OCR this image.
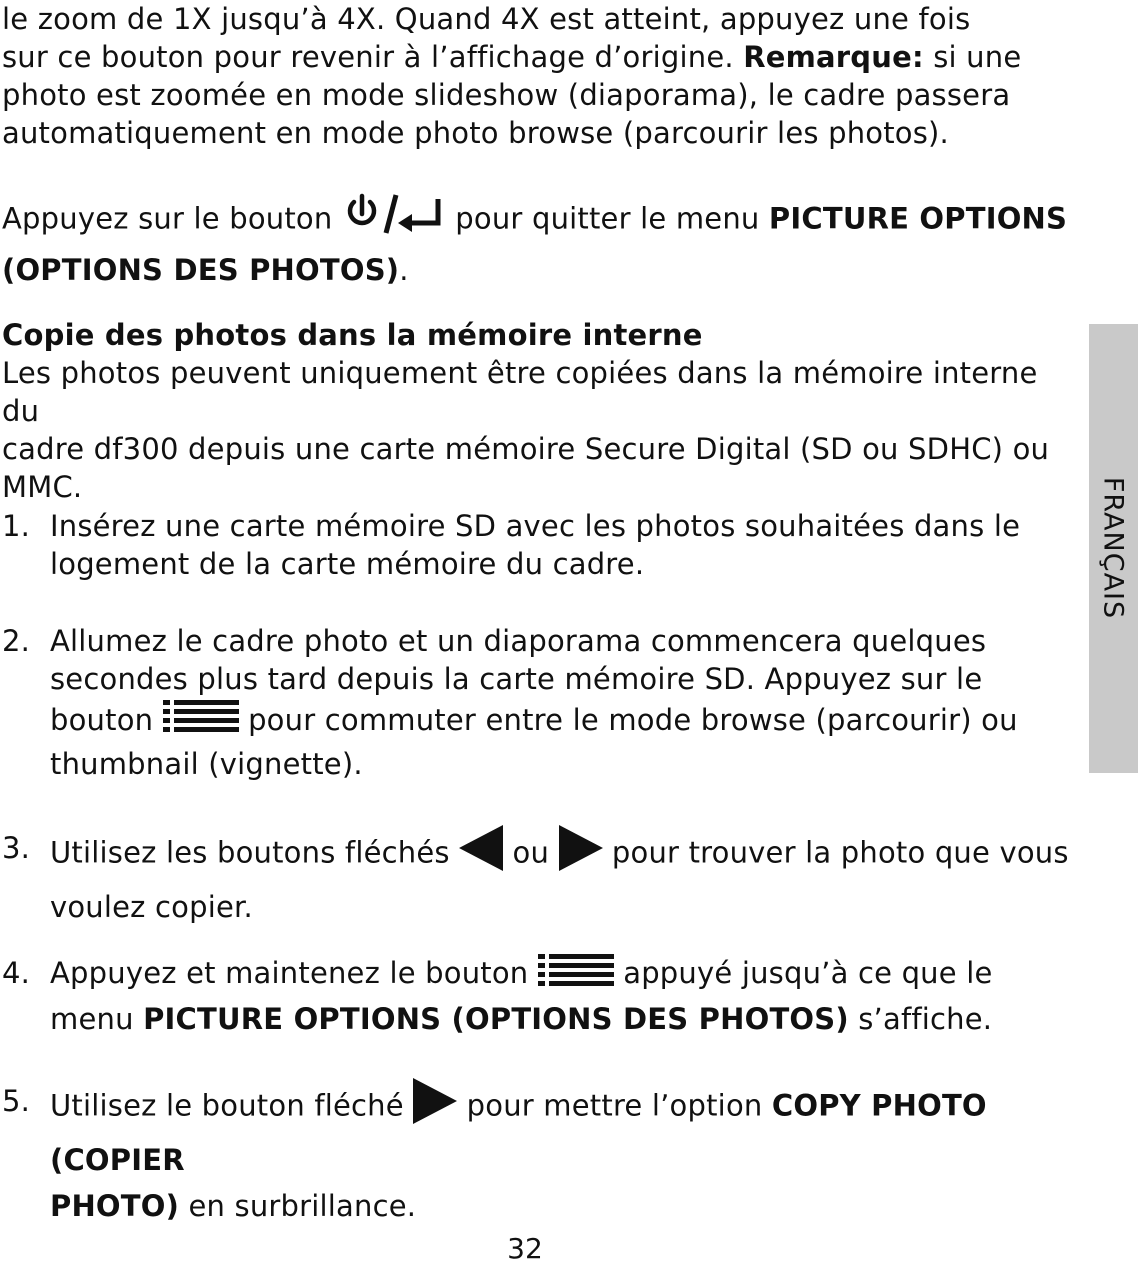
le zoom de 1X jusqu’à 4X. Quand 4X est atteint, appuyez une fois

sur ce bouton pour revenir à l’affichage d’origine. Remarque: si une

photo est zoomée en mode slideshow (diaporama), le cadre passera

automatiquement en mode photo browse (parcourir les photos).

Appuyez sur le bouton	pour quitter le menu PICTURE OPTIONS

(OPTIONS DES PHOTOS).

Copie des photos dans la mémoire interne

Les photos peuvent uniquement être copiées dans la mémoire interne du

cadre df300 depuis une carte mémoire Secure Digital (SD ou SDHC) ou

MMC.

1. Insérez une carte mémoire SD avec les photos souhaitées dans le

logement de la carte mémoire du cadre.

2. Allumez le cadre photo et un diaporama commencera quelques

secondes plus tard depuis la carte mémoire SD. Appuyez sur le

bouton	pour commuter entre le mode browse (parcourir) ou

thumbnail (vignette).

3. Utilisez les boutons fléchés  ou  pour trouver la photo que vous

voulez copier.

4. Appuyez et maintenez le bouton	appuyé jusqu’à ce que le

menu PICTURE OPTIONS (OPTIONS DES PHOTOS) s’affiche.

5. Utilisez le bouton fléché  pour mettre l’option COPY PHOTO (COPIER

PHOTO) en surbrillance.

FRANÇAIS
32
